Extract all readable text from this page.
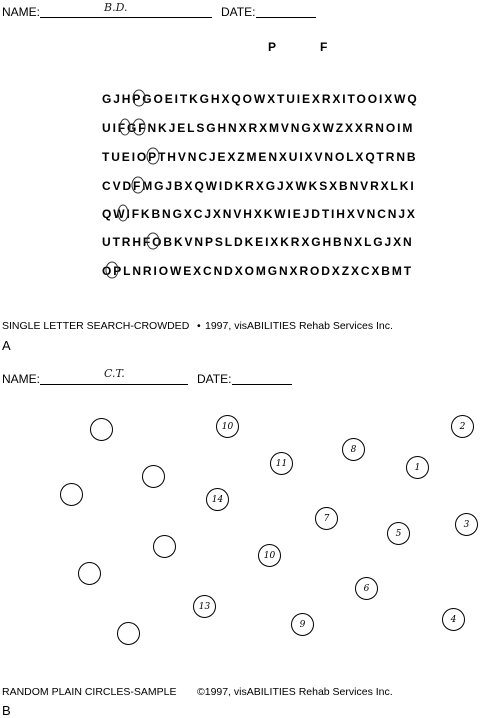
NAME:	B.D.	DATE:
P	F
GJHPGOEITKGHXQOWXTUIEXRXITOOIXWQ
UIFGFNKJELSGHNXRXMVNGXWZXXRNOIM
TUEIOPTHVNCJEXZMENXUIXVNOLXQTRNB
CVDFMGJBXQWIDKRXGJXWKSXBNVRXLKI
QWIFKBNGXCJXNVHXKWIEJDTIHXVNCNJX
UTRHFOBKVNPSLDKEIXKRXGHBNXLGJXN
OPLNRIOWEXCNDXOMGNXRODXZXCXBMT
SINGLE LETTER SEARCH-CROWDED • 1997, visABILITIES Rehab Services Inc.
A
NAME:	C.T.	DATE:
10	2
8
11	1
14
7
3
5
10
6
13
9	4
RANDOM PLAIN CIRCLES-SAMPLE ©1997, visABILITIES Rehab Services Inc.
B
